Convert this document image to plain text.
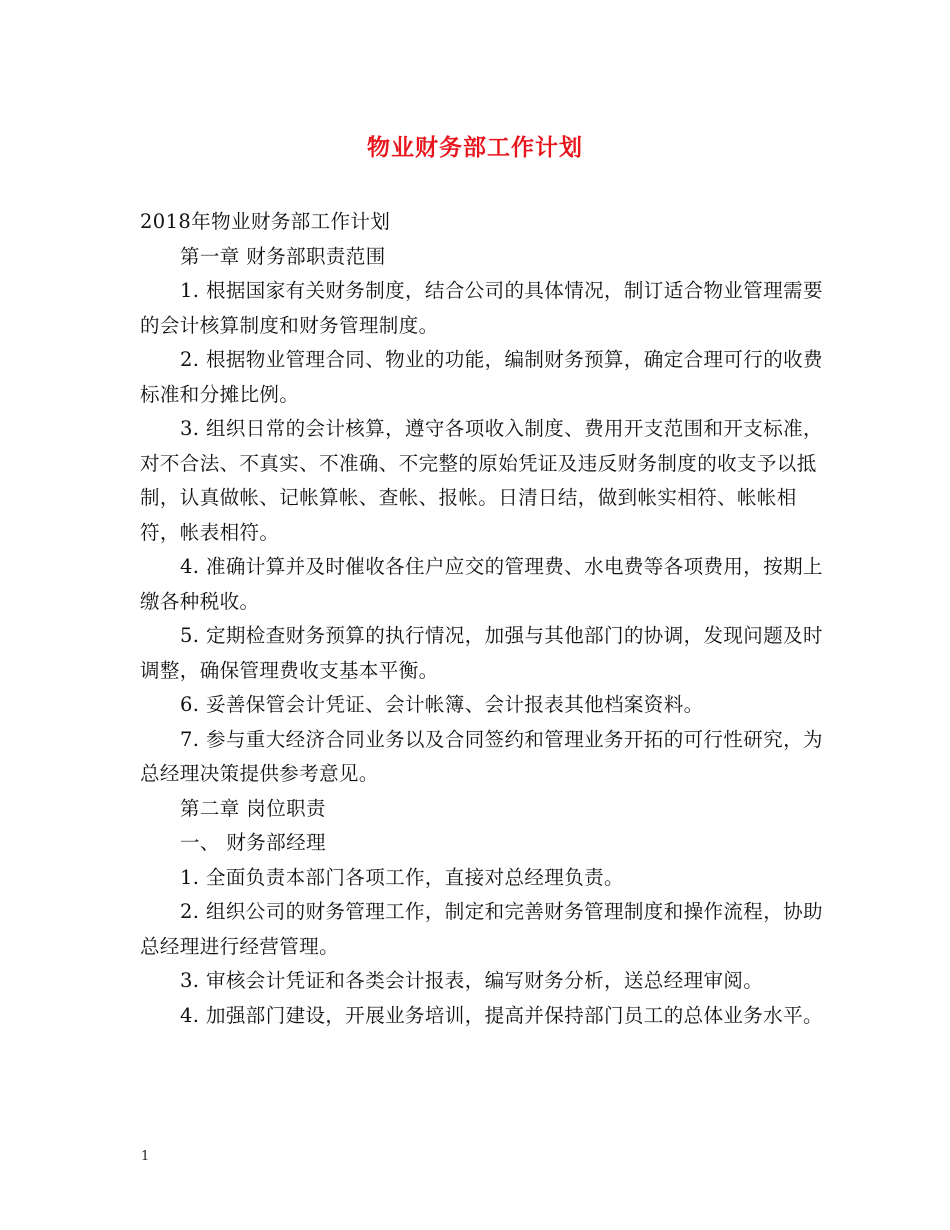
物业财务部工作计划

2018年物业财务部工作计划

第一章 财务部职责范围

1. 根据国家有关财务制度，结合公司的具体情况，制订适合物业管理需要的会计核算制度和财务管理制度。

2. 根据物业管理合同、物业的功能，编制财务预算，确定合理可行的收费标准和分摊比例。

3. 组织日常的会计核算，遵守各项收入制度、费用开支范围和开支标准，对不合法、不真实、不准确、不完整的原始凭证及违反财务制度的收支予以抵制，认真做帐、记帐算帐、查帐、报帐。日清日结，做到帐实相符、帐帐相符，帐表相符。

4. 准确计算并及时催收各住户应交的管理费、水电费等各项费用，按期上缴各种税收。

5. 定期检查财务预算的执行情况，加强与其他部门的协调，发现问题及时调整，确保管理费收支基本平衡。

6. 妥善保管会计凭证、会计帐簿、会计报表其他档案资料。

7. 参与重大经济合同业务以及合同签约和管理业务开拓的可行性研究，为总经理决策提供参考意见。

第二章 岗位职责

一、 财务部经理

1. 全面负责本部门各项工作，直接对总经理负责。

2. 组织公司的财务管理工作，制定和完善财务管理制度和操作流程，协助总经理进行经营管理。

3. 审核会计凭证和各类会计报表，编写财务分析，送总经理审阅。

4. 加强部门建设，开展业务培训，提高并保持部门员工的总体业务水平。

1
